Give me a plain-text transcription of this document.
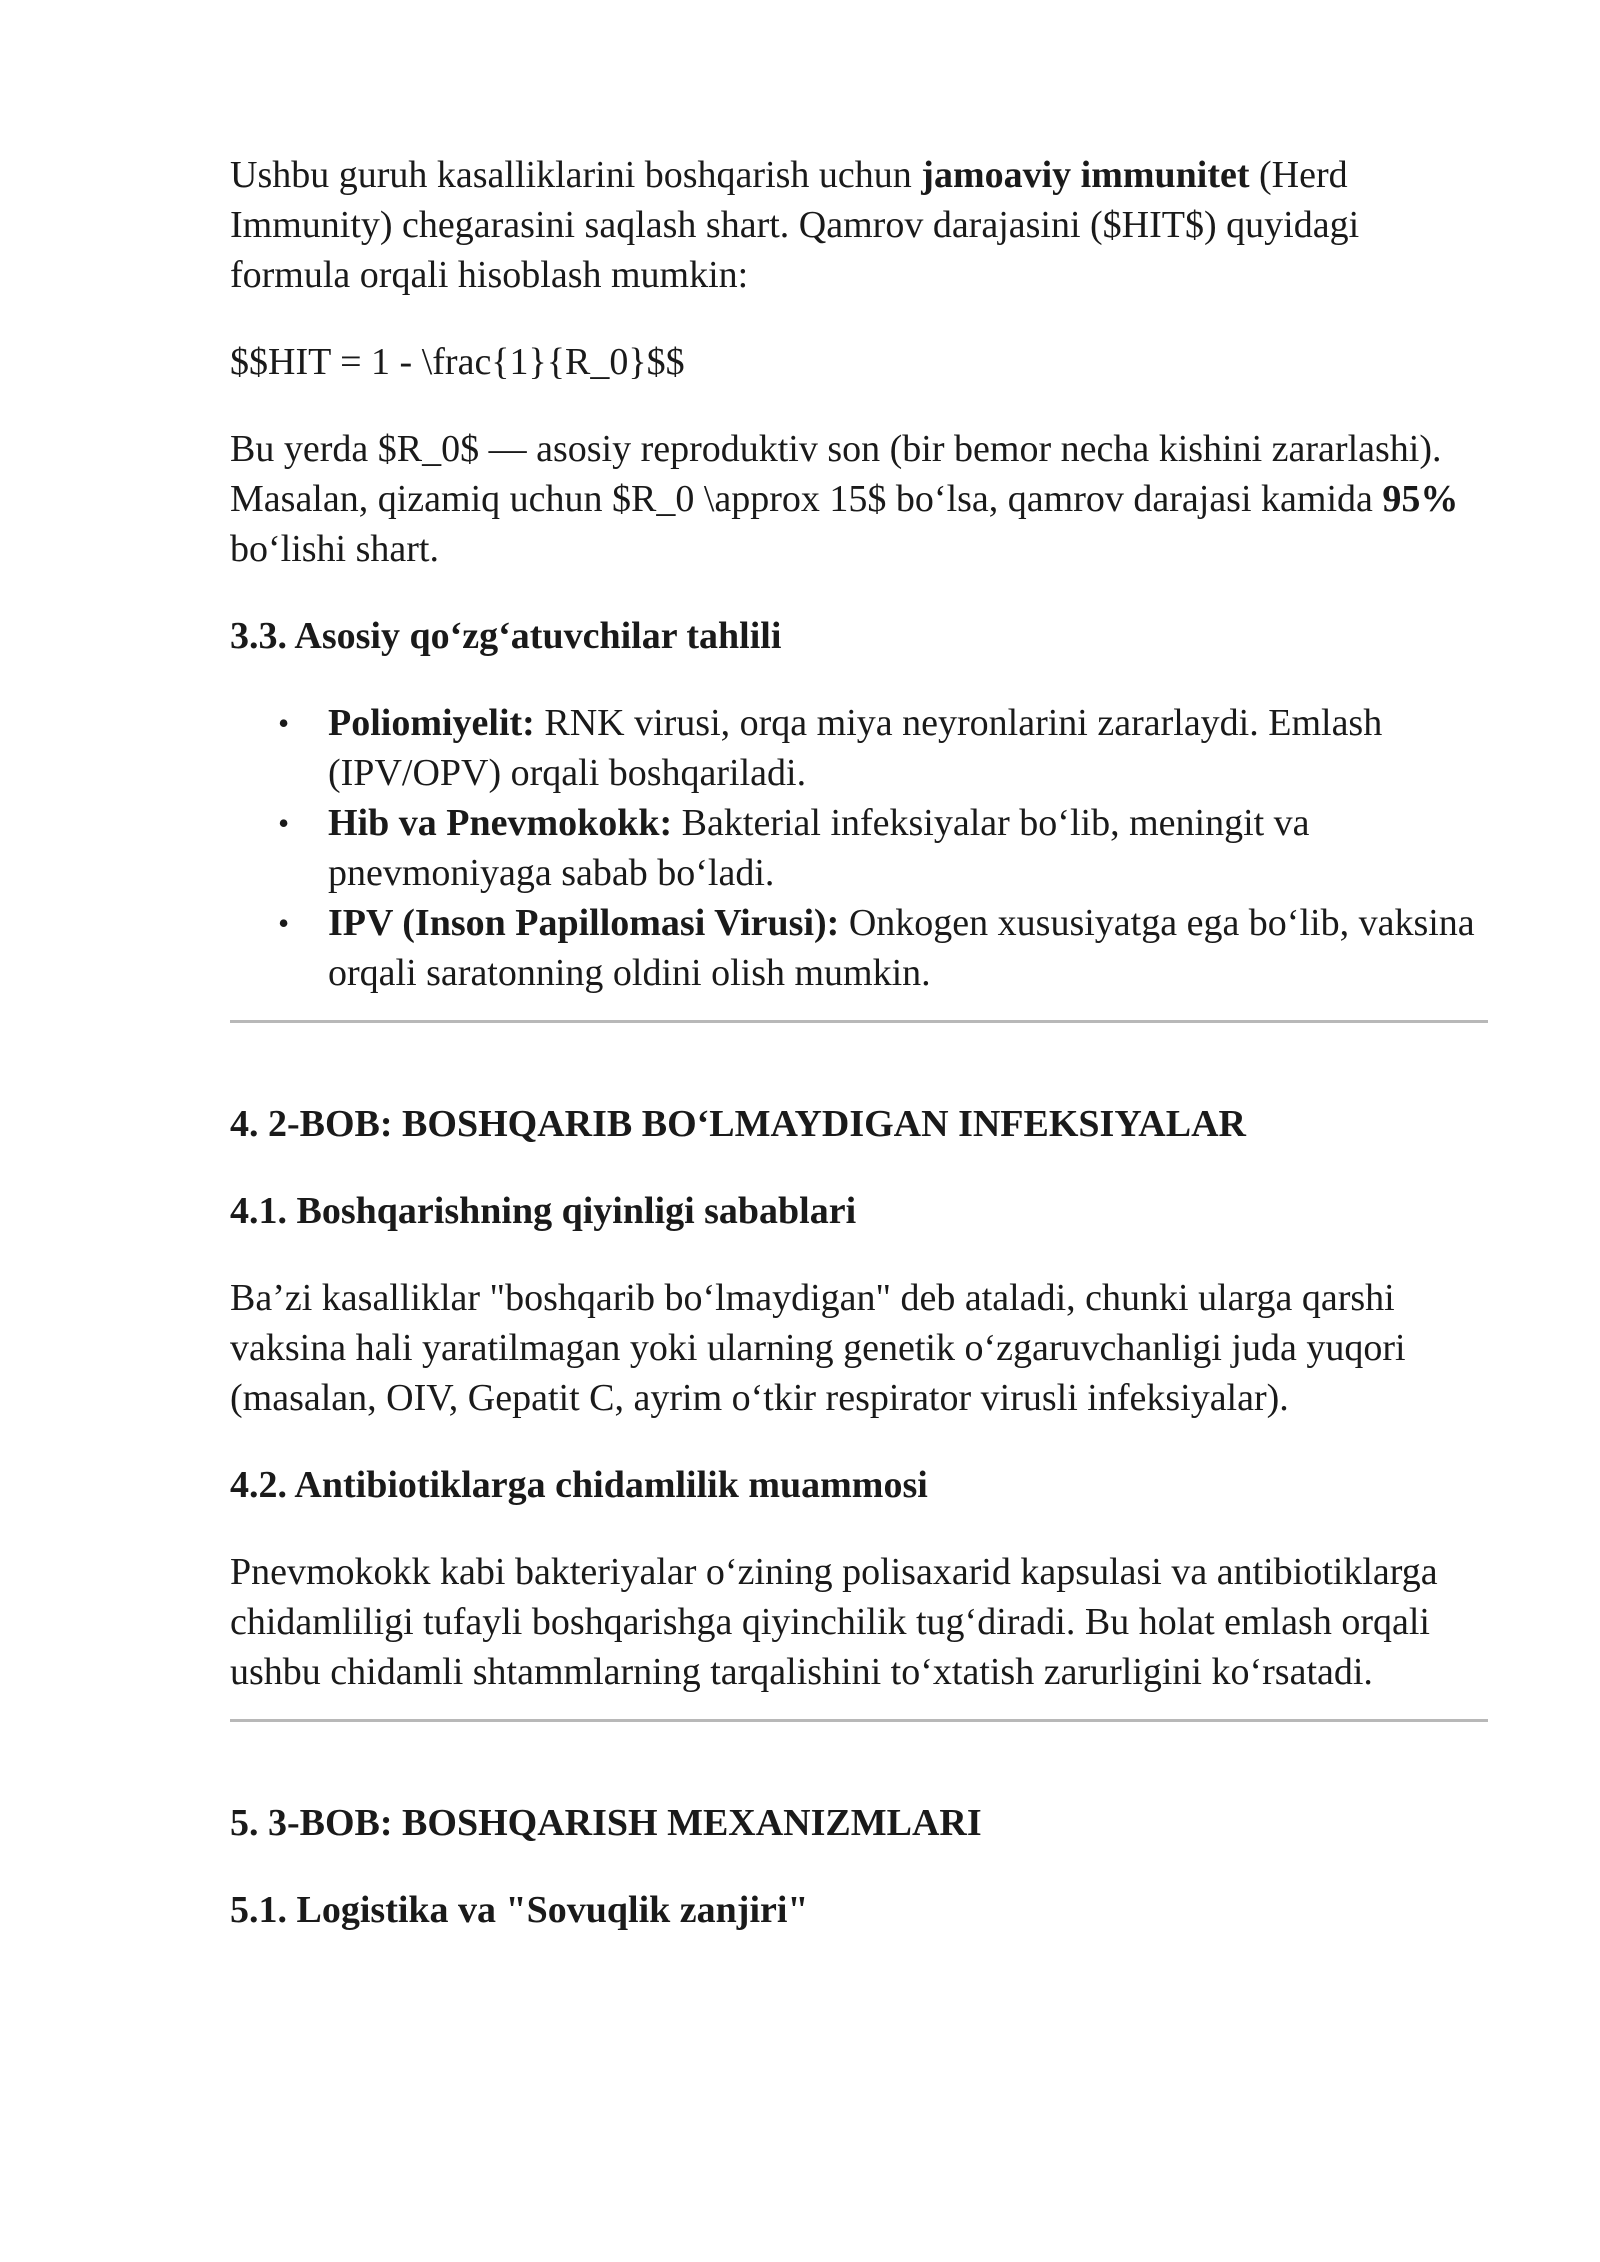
Ushbu guruh kasalliklarini boshqarish uchun jamoaviy immunitet (Herd Immunity) chegarasini saqlash shart. Qamrov darajasini ($HIT$) quyidagi formula orqali hisoblash mumkin:

$$HIT = 1 - \frac{1}{R_0}$$

Bu yerda $R_0$ — asosiy reproduktiv son (bir bemor necha kishini zararlashi). Masalan, qizamiq uchun $R_0 \approx 15$ bo‘lsa, qamrov darajasi kamida 95% bo‘lishi shart.

3.3. Asosiy qo‘zg‘atuvchilar tahlili

• Poliomiyelit: RNK virusi, orqa miya neyronlarini zararlaydi. Emlash (IPV/OPV) orqali boshqariladi.
• Hib va Pnevmokokk: Bakterial infeksiyalar bo‘lib, meningit va pnevmoniyaga sabab bo‘ladi.
• IPV (Inson Papillomasi Virusi): Onkogen xususiyatga ega bo‘lib, vaksina orqali saratonning oldini olish mumkin.

4. 2-BOB: BOSHQARIB BO‘LMAYDIGAN INFEKSIYALAR

4.1. Boshqarishning qiyinligi sabablari

Ba’zi kasalliklar "boshqarib bo‘lmaydigan" deb ataladi, chunki ularga qarshi vaksina hali yaratilmagan yoki ularning genetik o‘zgaruvchanligi juda yuqori (masalan, OIV, Gepatit C, ayrim o‘tkir respirator virusli infeksiyalar).

4.2. Antibiotiklarga chidamlilik muammosi

Pnevmokokk kabi bakteriyalar o‘zining polisaxarid kapsulasi va antibiotiklarga chidamliligi tufayli boshqarishga qiyinchilik tug‘diradi. Bu holat emlash orqali ushbu chidamli shtammlarning tarqalishini to‘xtatish zarurligini ko‘rsatadi.

5. 3-BOB: BOSHQARISH MEXANIZMLARI

5.1. Logistika va "Sovuqlik zanjiri"
